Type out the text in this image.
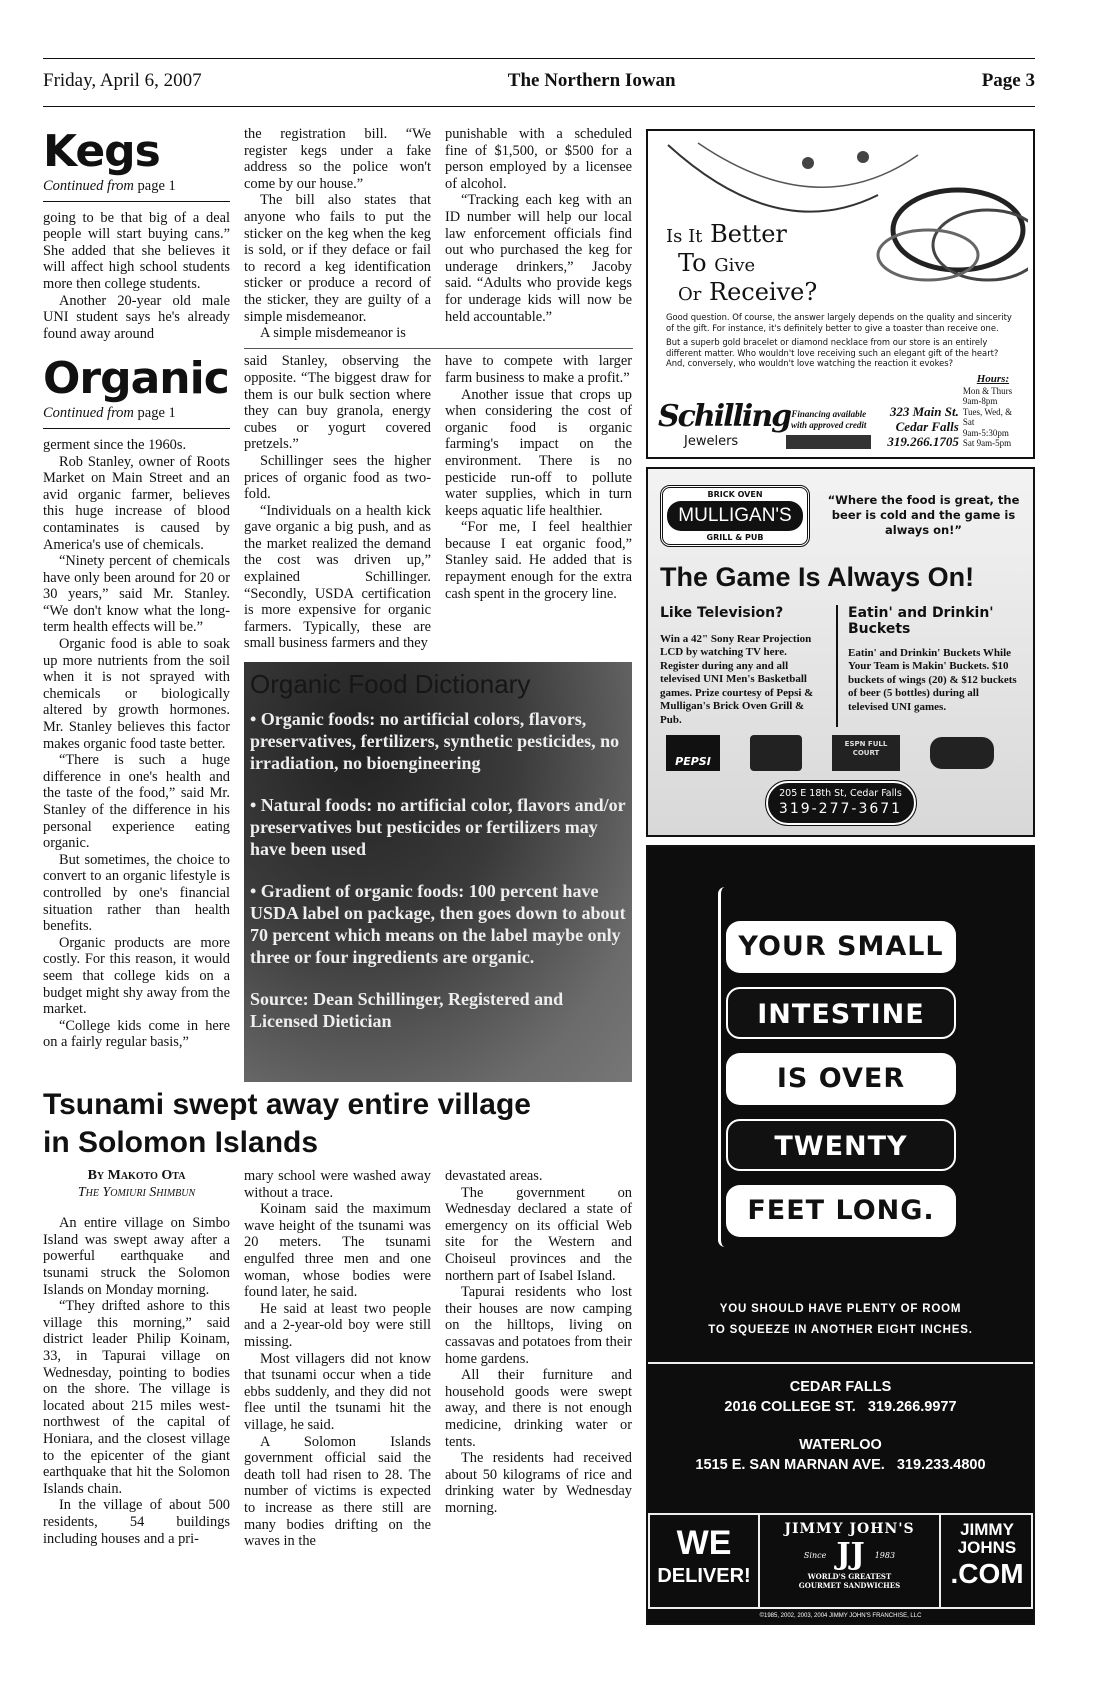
Friday, April 6, 2007	The Northern Iowan	Page 3
Kegs
Continued from page 1

going to be that big of a deal people will start buying cans.” She added that she believes it will affect high school students more then college students.

Another 20-year old male UNI student says he's already found away around

the registration bill. “We register kegs under a fake address so the police won't come by our house.”

The bill also states that anyone who fails to put the sticker on the keg when the keg is sold, or if they deface or fail to record a keg identification sticker or produce a record of the sticker, they are guilty of a simple misdemeanor.

A simple misdemeanor is

punishable with a scheduled fine of $1,500, or $500 for a person employed by a licensee of alcohol.

“Tracking each keg with an ID number will help our local law enforcement officials find out who purchased the keg for underage drinkers,” Jacoby said. “Adults who provide kegs for underage kids will now be held accountable.”

Organic
Continued from page 1

germent since the 1960s.

Rob Stanley, owner of Roots Market on Main Street and an avid organic farmer, believes this huge increase of blood contaminates is caused by America's use of chemicals.

“Ninety percent of chemicals have only been around for 20 or 30 years,” said Mr. Stanley. “We don't know what the long-term health effects will be.”

Organic food is able to soak up more nutrients from the soil when it is not sprayed with chemicals or biologically altered by growth hormones. Mr. Stanley believes this factor makes organic food taste better.

“There is such a huge difference in one's health and the taste of the food,” said Mr. Stanley of the difference in his personal experience eating organic.

But sometimes, the choice to convert to an organic lifestyle is controlled by one's financial situation rather than health benefits.

Organic products are more costly. For this reason, it would seem that college kids on a budget might shy away from the market.

“College kids come in here on a fairly regular basis,”

said Stanley, observing the opposite. “The biggest draw for them is our bulk section where they can buy granola, energy cubes or yogurt covered pretzels.”

Schillinger sees the higher prices of organic food as two-fold.

“Individuals on a health kick gave organic a big push, and as the market realized the demand the cost was driven up,” explained Schillinger. “Secondly, USDA certification is more expensive for organic farmers. Typically, these are small business farmers and they

have to compete with larger farm business to make a profit.”

Another issue that crops up when considering the cost of organic food is organic farming's impact on the environment. There is no pesticide run-off to pollute water supplies, which in turn keeps aquatic life healthier.

“For me, I feel healthier because I eat organic food,” Stanley said. He added that is repayment enough for the extra cash spent in the grocery line.

Organic Food Dictionary

• Organic foods: no artificial colors, flavors, preservatives, fertilizers, synthetic pesticides, no irradiation, no bioengineering

• Natural foods: no artificial color, flavors and/or preservatives but pesticides or fertilizers may have been used

• Gradient of organic foods: 100 percent have USDA label on package, then goes down to about 70 percent which means on the label maybe only three or four ingredients are organic.

Source: Dean Schillinger, Registered and Licensed Dietician

Tsunami swept away entire village
in Solomon Islands
By Makoto Ota
The Yomiuri Shimbun

An entire village on Simbo Island was swept away after a powerful earthquake and tsunami struck the Solomon Islands on Monday morning.

“They drifted ashore to this village this morning,” said district leader Philip Koinam, 33, in Tapurai village on Wednesday, pointing to bodies on the shore. The village is located about 215 miles west-northwest of the capital of Honiara, and the closest village to the epicenter of the giant earthquake that hit the Solomon Islands chain.

In the village of about 500 residents, 54 buildings including houses and a pri-

mary school were washed away without a trace.

Koinam said the maximum wave height of the tsunami was 20 meters. The tsunami engulfed three men and one woman, whose bodies were found later, he said.

He said at least two people and a 2-year-old boy were still missing.

Most villagers did not know that tsunami occur when a tide ebbs suddenly, and they did not flee until the tsunami hit the village, he said.

A Solomon Islands government official said the death toll had risen to 28. The number of victims is expected to increase as there still are many bodies drifting on the waves in the

devastated areas.

The government on Wednesday declared a state of emergency on its official Web site for the Western and Choiseul provinces and the northern part of Isabel Island.

Tapurai residents who lost their houses are now camping on the hilltops, living on cassavas and potatoes from their home gardens.

All their furniture and household goods were swept away, and there is not enough medicine, drinking water or tents.

The residents had received about 50 kilograms of rice and drinking water by Wednesday morning.

Is It Better
To Give
Or Receive?
Good question. Of course, the answer largely depends on the quality and sincerity of the gift. For instance, it's definitely better to give a toaster than receive one.
But a superb gold bracelet or diamond necklace from our store is an entirely different matter. Who wouldn't love receiving such an elegant gift of the heart? And, conversely, who wouldn't love watching the reaction it evokes?
Schilling
Jewelers
Financing available with approved credit
323 Main St.
Cedar Falls
319.266.1705
Hours:
Mon & Thurs
9am-8pm
Tues, Wed, & Sat
9am-5:30pm
Sat 9am-5pm
BRICK OVEN
MULLIGAN'S
GRILL & PUB
“Where the food is great, the beer is cold and the game is always on!”
The Game Is Always On!
Like Television?
Win a 42" Sony Rear Projection LCD by watching TV here. Register during any and all televised UNI Men's Basketball games. Prize courtesy of Pepsi & Mulligan's Brick Oven Grill & Pub.
Eatin' and Drinkin' Buckets
Eatin' and Drinkin' Buckets While Your Team is Makin' Buckets. $10 buckets of wings (20) & $12 buckets of beer (5 bottles) during all televised UNI games.
PEPSI
ESPN FULL COURT
205 E 18th St, Cedar Falls
319-277-3671
YOUR SMALL
INTESTINE
IS OVER
TWENTY
FEET LONG.
YOU SHOULD HAVE PLENTY OF ROOM
TO SQUEEZE IN ANOTHER EIGHT INCHES.
CEDAR FALLS
2016 COLLEGE ST.   319.266.9977
WATERLOO
1515 E. SAN MARNAN AVE.   319.233.4800
WE
DELIVER!
JIMMY JOHN'S
Since JJ 1983
WORLD'S GREATEST GOURMET SANDWICHES
JIMMY
JOHNS
.COM
©1985, 2002, 2003, 2004 JIMMY JOHN'S FRANCHISE, LLC
